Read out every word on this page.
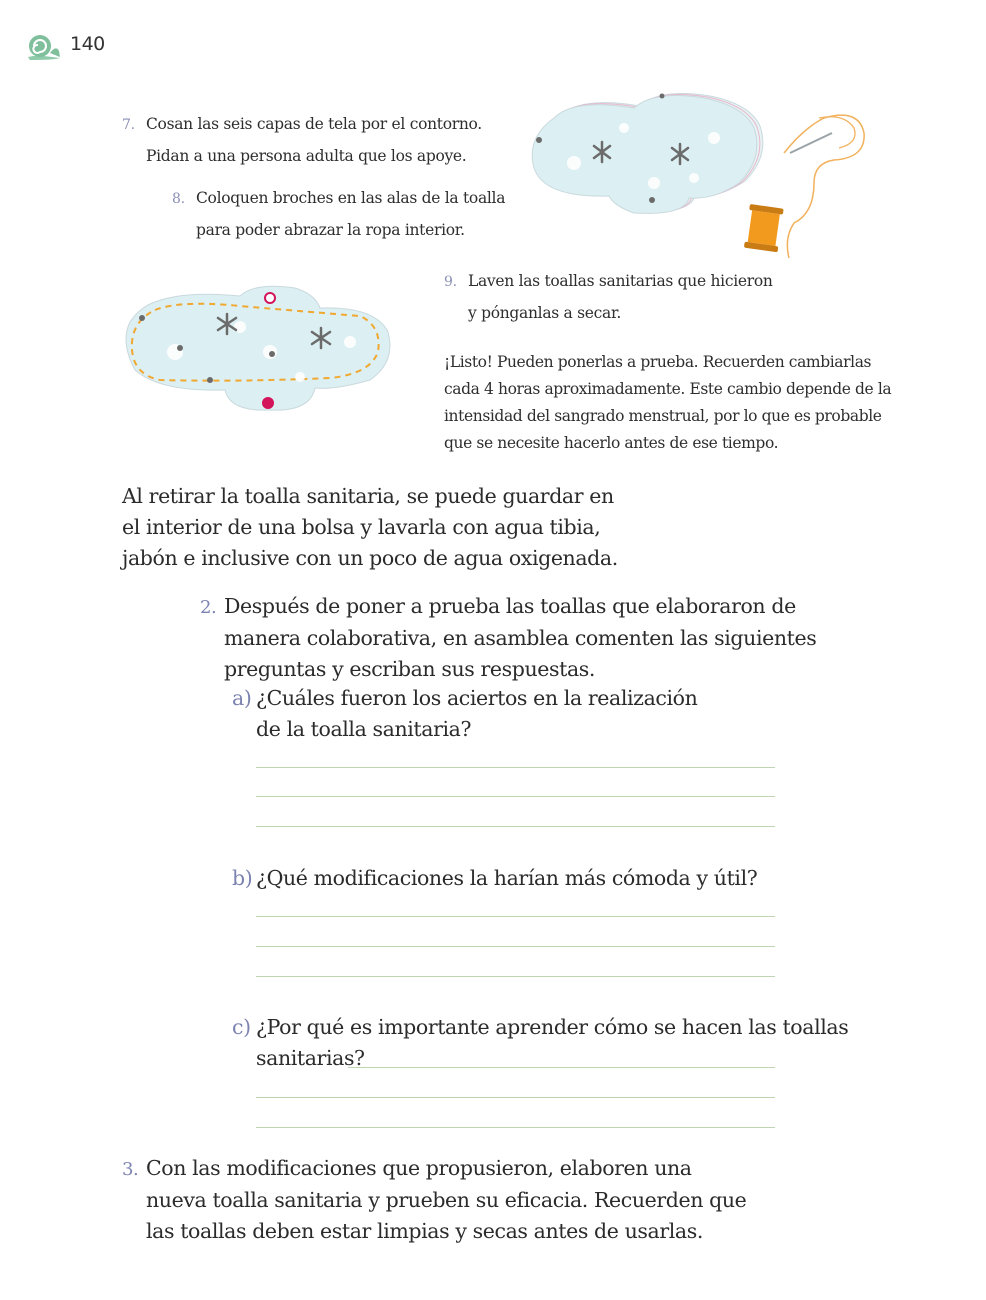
140
7. Cosan las seis capas de tela por el contorno.
Pidan a una persona adulta que los apoye.
8. Coloquen broches en las alas de la toalla
para poder abrazar la ropa interior.
9. Laven las toallas sanitarias que hicieron
y pónganlas a secar.
¡Listo! Pueden ponerlas a prueba. Recuerden cambiarlas
cada 4 horas aproximadamente. Este cambio depende de la
intensidad del sangrado menstrual, por lo que es probable
que se necesite hacerlo antes de ese tiempo.
Al retirar la toalla sanitaria, se puede guardar en
el interior de una bolsa y lavarla con agua tibia,
jabón e inclusive con un poco de agua oxigenada.
2. Después de poner a prueba las toallas que elaboraron de
manera colaborativa, en asamblea comenten las siguientes
preguntas y escriban sus respuestas.
a) ¿Cuáles fueron los aciertos en la realización
de la toalla sanitaria?
b) ¿Qué modificaciones la harían más cómoda y útil?
c) ¿Por qué es importante aprender cómo se hacen las toallas
sanitarias?
3. Con las modificaciones que propusieron, elaboren una
nueva toalla sanitaria y prueben su eficacia. Recuerden que
las toallas deben estar limpias y secas antes de usarlas.
